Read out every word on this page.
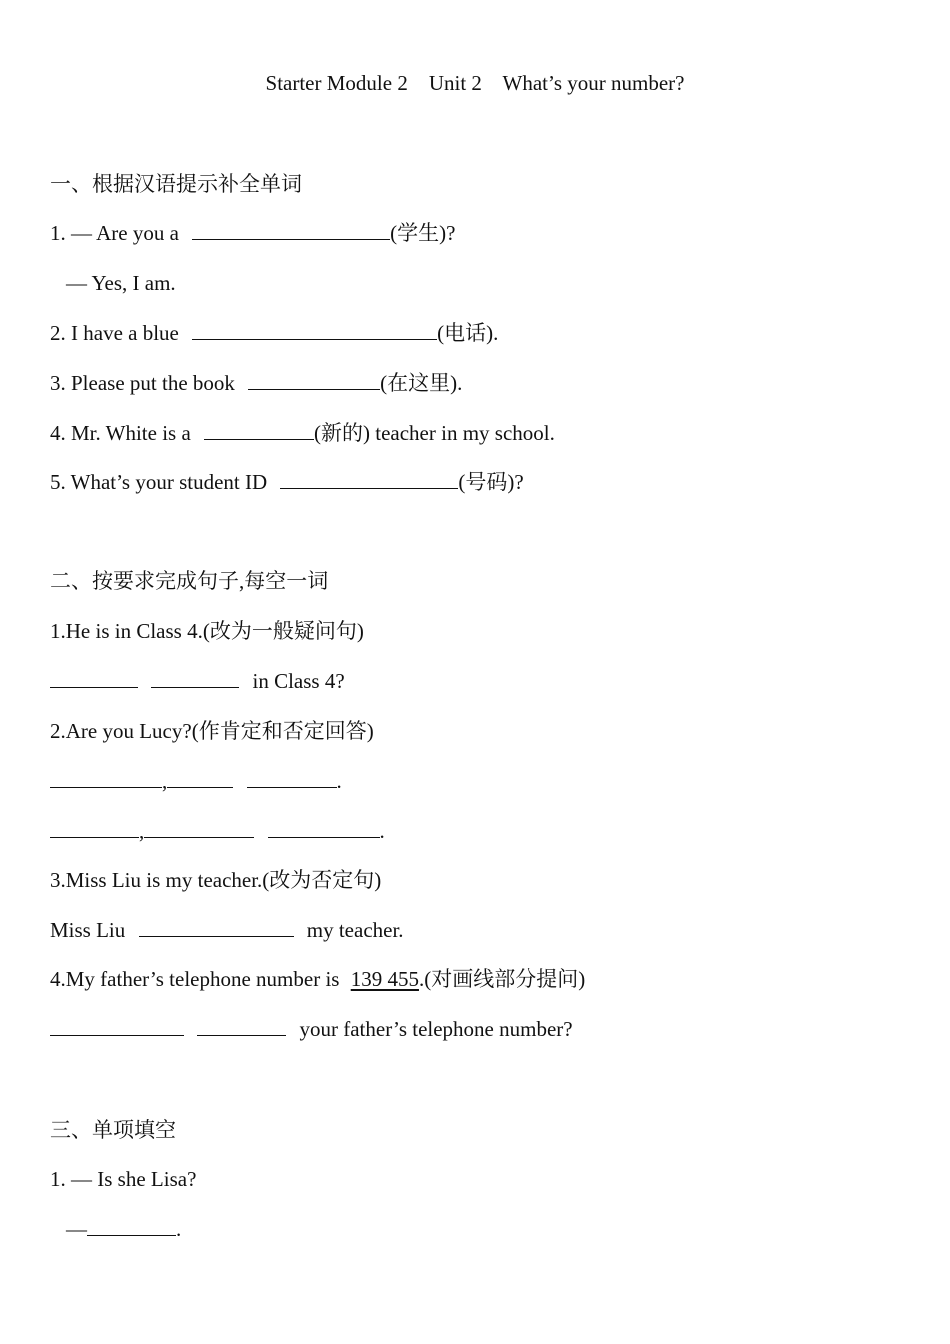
Starter Module 2    Unit 2    What’s your number?
一、根据汉语提示补全单词
1. — Are you a	(学生)?
— Yes, I am.
2. I have a blue	(电话).
3. Please put the book	(在这里).
4. Mr. White is a	(新的) teacher in my school.
5. What’s your student ID	(号码)?
二、按要求完成句子,每空一词
1.He is in Class 4.(改为一般疑问句)
in Class 4?
2.Are you Lucy?(作肯定和否定回答)
,	.
,	.
3.Miss Liu is my teacher.(改为否定句)
Miss Liu	my teacher.
4.My father’s telephone number is 139 455.(对画线部分提问)
your father’s telephone number?
三、单项填空
1. — Is she Lisa?
—	.
